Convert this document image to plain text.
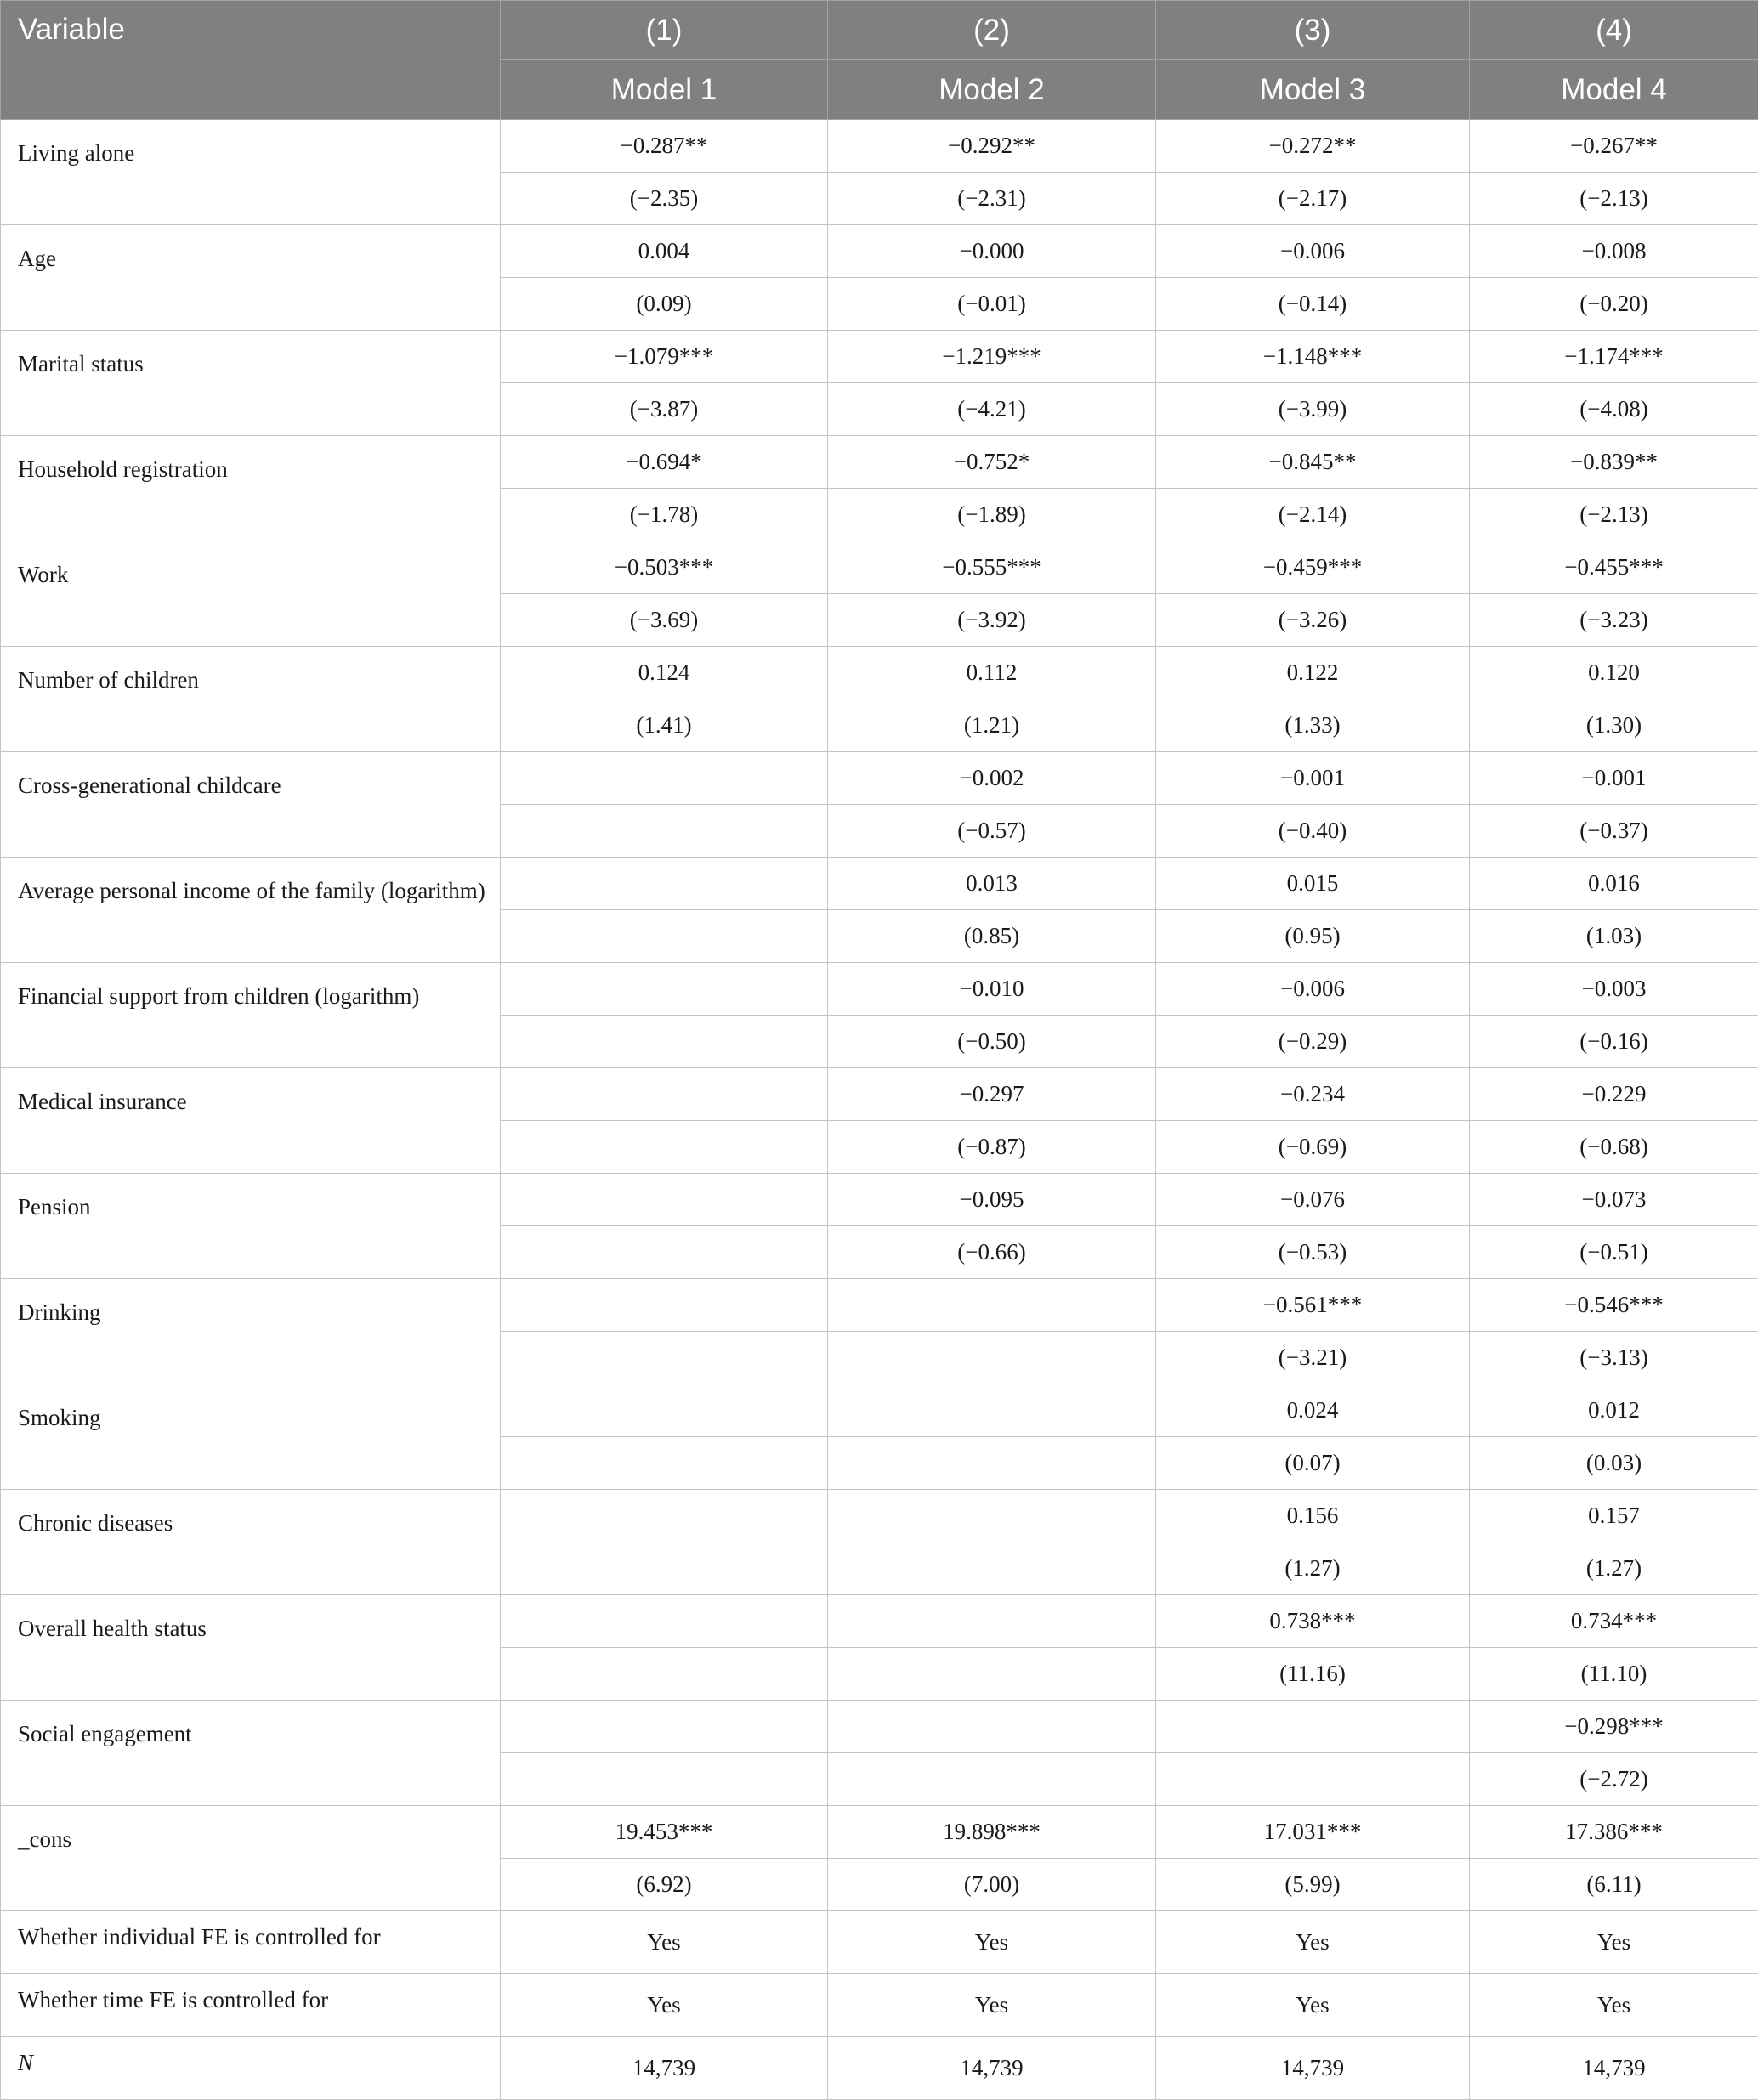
Variable	(1)	(2)	(3)	(4)
	Model 1	Model 2	Model 3	Model 4
Living alone	−0.287**	−0.292**	−0.272**	−0.267**
	(−2.35)	(−2.31)	(−2.17)	(−2.13)
Age	0.004	−0.000	−0.006	−0.008
	(0.09)	(−0.01)	(−0.14)	(−0.20)
Marital status	−1.079***	−1.219***	−1.148***	−1.174***
	(−3.87)	(−4.21)	(−3.99)	(−4.08)
Household registration	−0.694*	−0.752*	−0.845**	−0.839**
	(−1.78)	(−1.89)	(−2.14)	(−2.13)
Work	−0.503***	−0.555***	−0.459***	−0.455***
	(−3.69)	(−3.92)	(−3.26)	(−3.23)
Number of children	0.124	0.112	0.122	0.120
	(1.41)	(1.21)	(1.33)	(1.30)
Cross-generational childcare		−0.002	−0.001	−0.001
		(−0.57)	(−0.40)	(−0.37)
Average personal income of the family (logarithm)		0.013	0.015	0.016
		(0.85)	(0.95)	(1.03)
Financial support from children (logarithm)		−0.010	−0.006	−0.003
		(−0.50)	(−0.29)	(−0.16)
Medical insurance		−0.297	−0.234	−0.229
		(−0.87)	(−0.69)	(−0.68)
Pension		−0.095	−0.076	−0.073
		(−0.66)	(−0.53)	(−0.51)
Drinking			−0.561***	−0.546***
			(−3.21)	(−3.13)
Smoking			0.024	0.012
			(0.07)	(0.03)
Chronic diseases			0.156	0.157
			(1.27)	(1.27)
Overall health status			0.738***	0.734***
			(11.16)	(11.10)
Social engagement				−0.298***
				(−2.72)
_cons	19.453***	19.898***	17.031***	17.386***
	(6.92)	(7.00)	(5.99)	(6.11)
Whether individual FE is controlled for	Yes	Yes	Yes	Yes
Whether time FE is controlled for	Yes	Yes	Yes	Yes
N	14,739	14,739	14,739	14,739
